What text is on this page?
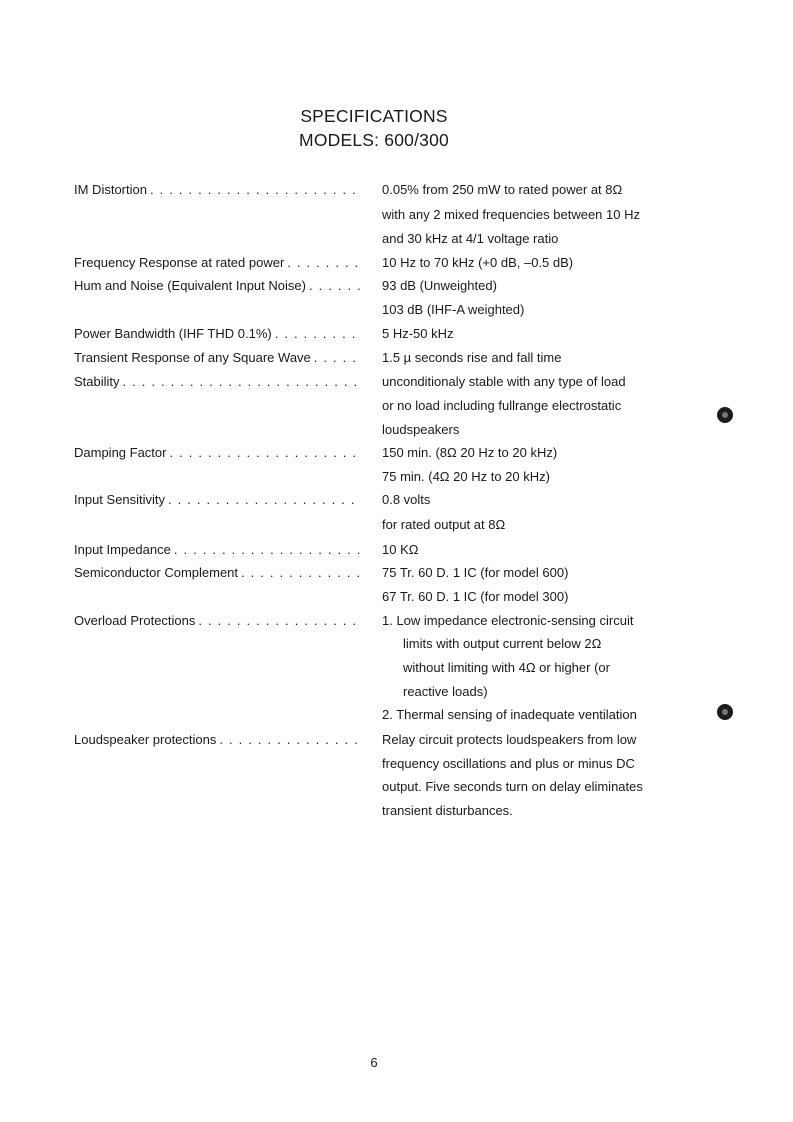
SPECIFICATIONS
MODELS: 600/300
IM Distortion . . .	0.05% from 250 mW to rated power at 8Ω
with any 2 mixed frequencies between 10 Hz
and 30 kHz at 4/1 voltage ratio
Frequency Response at rated power . . .	10 Hz to 70 kHz (+0 dB, –0.5 dB)
Hum and Noise (Equivalent Input Noise) . . .	93 dB (Unweighted)
103 dB (IHF-A weighted)
Power Bandwidth (IHF THD 0.1%) . . .	5 Hz-50 kHz
Transient Response of any Square Wave . . .	1.5 µ seconds rise and fall time
Stability . . .	unconditionaly stable with any type of load
or no load including fullrange electrostatic
loudspeakers
Damping Factor . . .	150 min. (8Ω 20 Hz to 20 kHz)
75 min. (4Ω 20 Hz to 20 kHz)
Input Sensitivity . . .	0.8 volts
for rated output at 8Ω
Input Impedance . . .	10 KΩ
Semiconductor Complement . . .	75 Tr. 60 D. 1 IC (for model 600)
67 Tr. 60 D. 1 IC (for model 300)
Overload Protections . . .	1. Low impedance electronic-sensing circuit
limits with output current below 2Ω
without limiting with 4Ω or higher (or
reactive loads)
2. Thermal sensing of inadequate ventilation
Loudspeaker protections . . .	Relay circuit protects loudspeakers from low
frequency oscillations and plus or minus DC
output. Five seconds turn on delay eliminates
transient disturbances.
6
